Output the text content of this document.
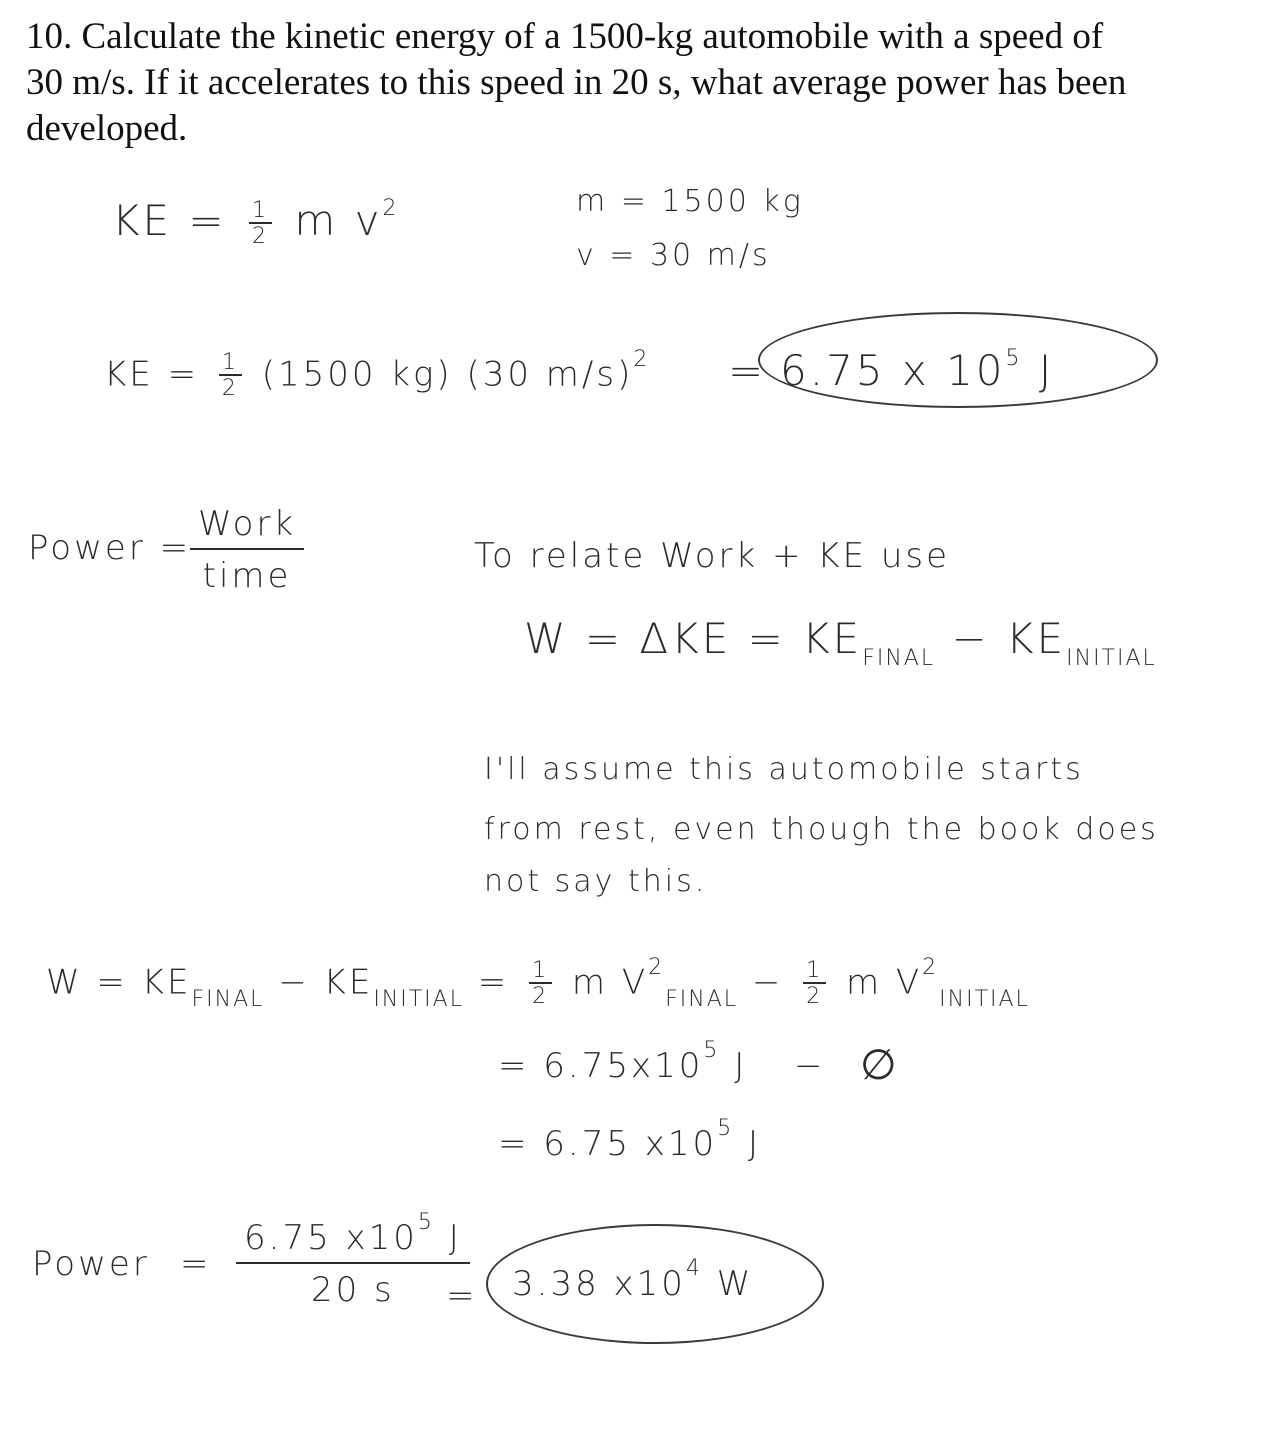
10. Calculate the kinetic energy of a 1500-kg automobile with a speed of 30 m/s. If it accelerates to this speed in 20 s, what average power has been developed.

KE = $\frac{1}{2}$ m $v^2$	m = 1500 kg
v = 30 m/s
KE = $\frac{1}{2} (1500$ kg) (30 m/s)$^2$ = 6.75 x $10^5$ J
Power =
Work
time	To relate Work + KE use
$W = \Delta KE = KE_{FINAL} - KE_{INITIAL}$
I'll assume this automobile starts
from rest, even though the book does
not say this.
$W = KE_{FINAL} - KE_{INITIAL} = \frac{1}{2}$ m $V^2_{FINAL} - \frac{1}{2}$ m $V^2_{INITIAL}$
= $6.75x10^5$ J − ∅
= 6.75 $x10^5$ J
Power = $\frac{6.75 x10^5 J}{20 s}$
= 3.38 $x10^4$ W
